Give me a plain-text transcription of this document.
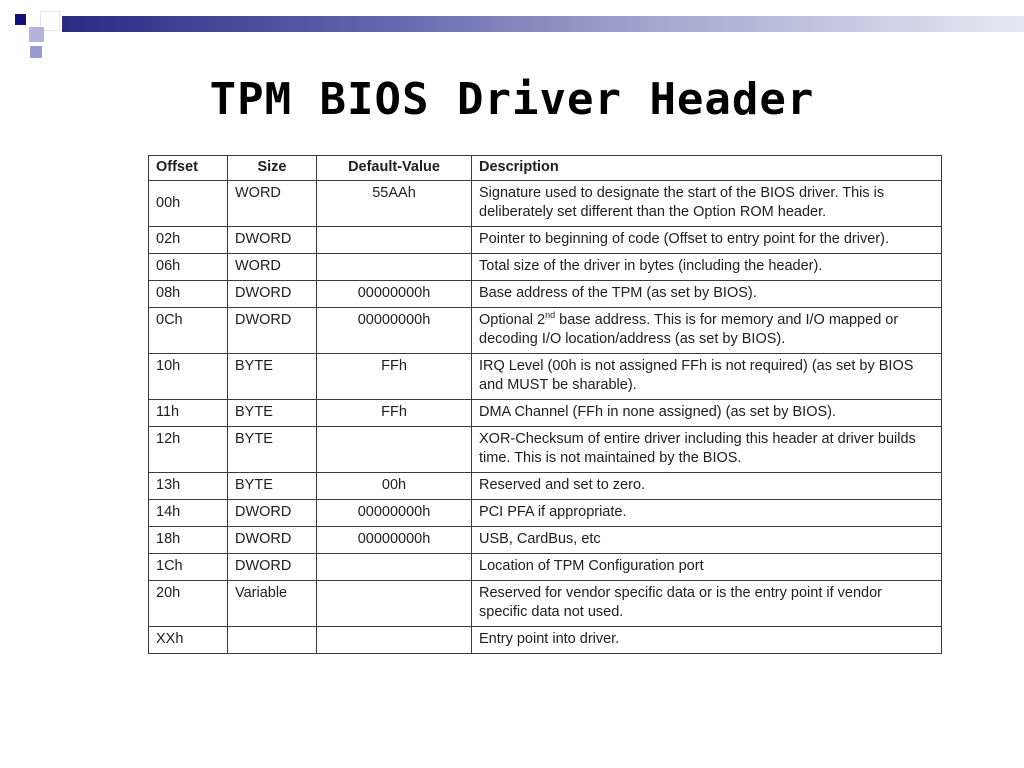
TPM BIOS Driver Header
Offset	Size	Default-Value	Description
00h	WORD	55AAh	Signature used to designate the start of the BIOS driver. This is deliberately set different than the Option ROM header.
02h	DWORD		Pointer to beginning of code (Offset to entry point for the driver).
06h	WORD		Total size of the driver in bytes (including the header).
08h	DWORD	00000000h	Base address of the TPM (as set by BIOS).
0Ch	DWORD	00000000h	Optional 2nd base address. This is for memory and I/O mapped or decoding I/O location/address (as set by BIOS).
10h	BYTE	FFh	IRQ Level (00h is not assigned FFh is not required) (as set by BIOS and MUST be sharable).
11h	BYTE	FFh	DMA Channel (FFh in none assigned) (as set by BIOS).
12h	BYTE		XOR-Checksum of entire driver including this header at driver builds time. This is not maintained by the BIOS.
13h	BYTE	00h	Reserved and set to zero.
14h	DWORD	00000000h	PCI PFA if appropriate.
18h	DWORD	00000000h	USB, CardBus, etc
1Ch	DWORD		Location of TPM Configuration port
20h	Variable		Reserved for vendor specific data or is the entry point if vendor specific data not used.
XXh			Entry point into driver.
